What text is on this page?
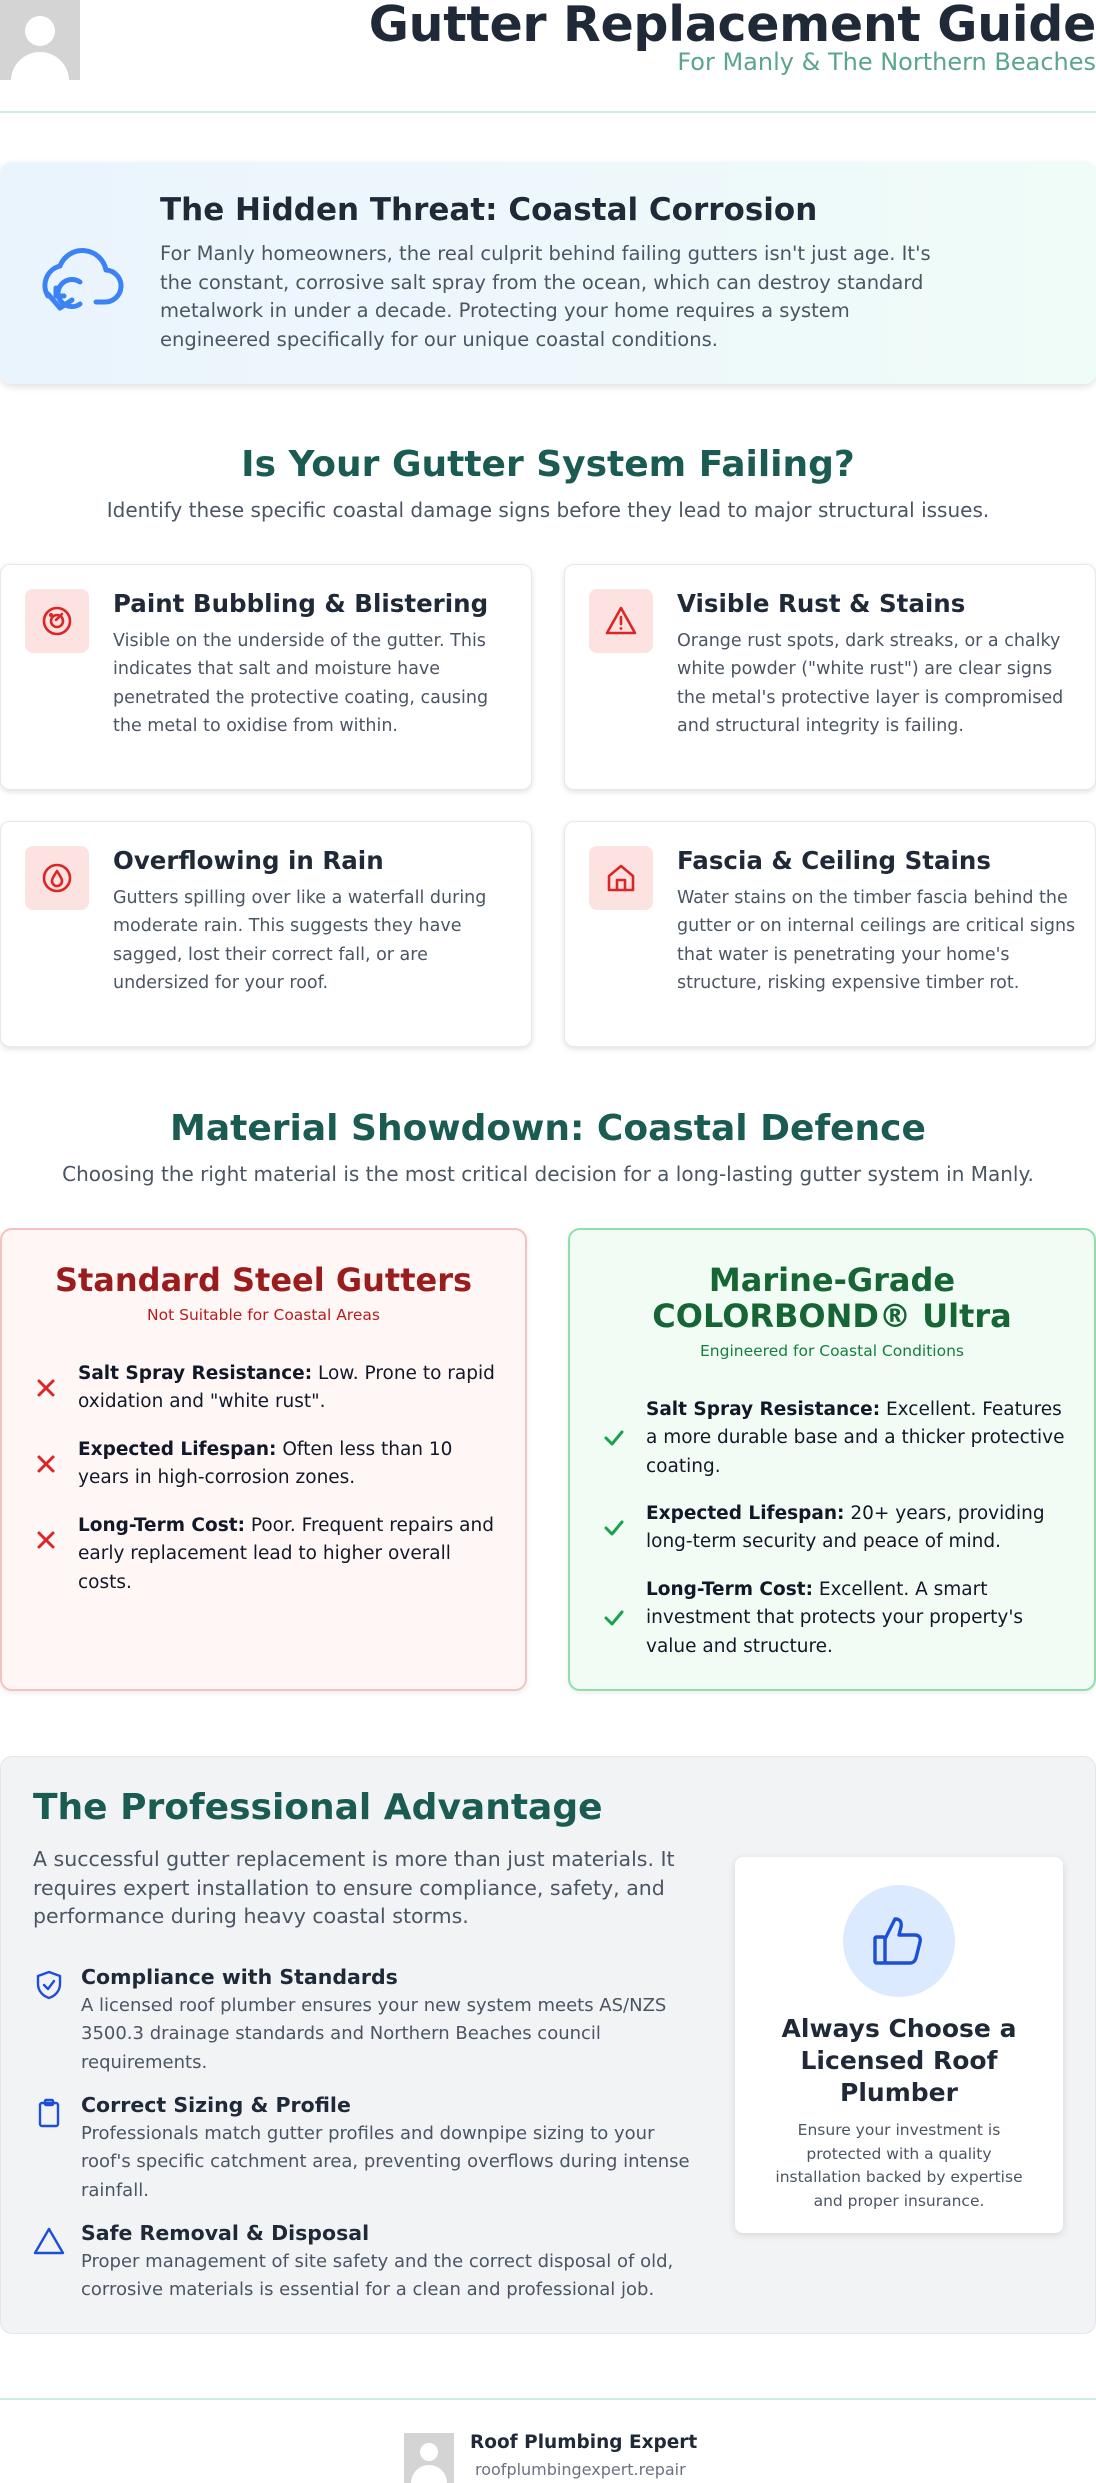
Gutter Replacement Guide
For Manly & The Northern Beaches
The Hidden Threat: Coastal Corrosion

For Manly homeowners, the real culprit behind failing gutters isn't just age. It's the constant, corrosive salt spray from the ocean, which can destroy standard metalwork in under a decade. Protecting your home requires a system engineered specifically for our unique coastal conditions.

Is Your Gutter System Failing?
Identify these specific coastal damage signs before they lead to major structural issues.
Paint Bubbling & Blistering

Visible on the underside of the gutter. This indicates that salt and moisture have penetrated the protective coating, causing the metal to oxidise from within.

Visible Rust & Stains

Orange rust spots, dark streaks, or a chalky white powder ("white rust") are clear signs the metal's protective layer is compromised and structural integrity is failing.

Overflowing in Rain

Gutters spilling over like a waterfall during moderate rain. This suggests they have sagged, lost their correct fall, or are undersized for your roof.

Fascia & Ceiling Stains

Water stains on the timber fascia behind the gutter or on internal ceilings are critical signs that water is penetrating your home's structure, risking expensive timber rot.

Material Showdown: Coastal Defence
Choosing the right material is the most critical decision for a long-lasting gutter system in Manly.
Standard Steel Gutters
Not Suitable for Coastal Areas
Salt Spray Resistance: Low. Prone to rapid oxidation and "white rust".
Expected Lifespan: Often less than 10 years in high-corrosion zones.
Long-Term Cost: Poor. Frequent repairs and early replacement lead to higher overall costs.
Marine-Grade COLORBOND® Ultra
Engineered for Coastal Conditions
Salt Spray Resistance: Excellent. Features a more durable base and a thicker protective coating.
Expected Lifespan: 20+ years, providing long-term security and peace of mind.
Long-Term Cost: Excellent. A smart investment that protects your property's value and structure.
The Professional Advantage

A successful gutter replacement is more than just materials. It requires expert installation to ensure compliance, safety, and performance during heavy coastal storms.

Compliance with Standards

A licensed roof plumber ensures your new system meets AS/NZS 3500.3 drainage standards and Northern Beaches council requirements.

Correct Sizing & Profile

Professionals match gutter profiles and downpipe sizing to your roof's specific catchment area, preventing overflows during intense rainfall.

Safe Removal & Disposal

Proper management of site safety and the correct disposal of old, corrosive materials is essential for a clean and professional job.

Always Choose a Licensed Roof Plumber

Ensure your investment is protected with a quality installation backed by expertise and proper insurance.

Roof Plumbing Expert
roofplumbingexpert.repair
